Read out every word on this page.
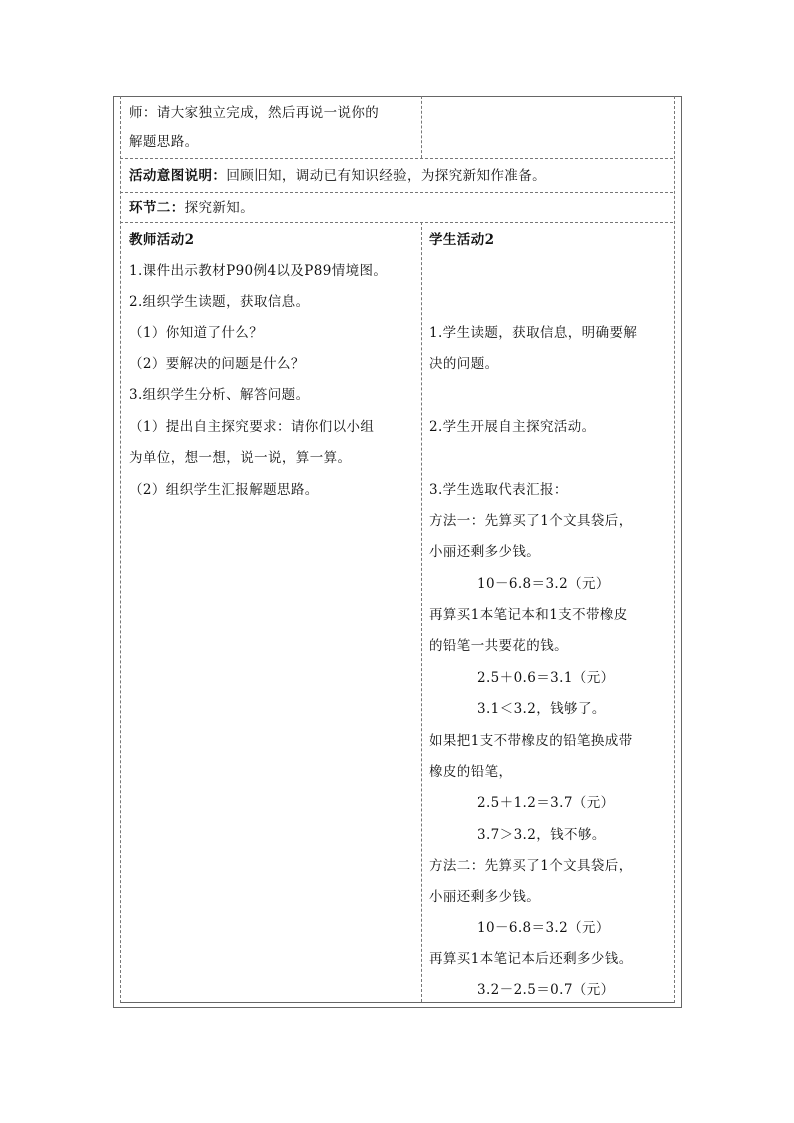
师：请大家独立完成，然后再说一说你的
解题思路。
活动意图说明：回顾旧知，调动已有知识经验，为探究新知作准备。
环节二：探究新知。
教师活动2
1.课件出示教材P90例4以及P89情境图。
2.组织学生读题，获取信息。
（1）你知道了什么？
（2）要解决的问题是什么？
3.组织学生分析、解答问题。
（1）提出自主探究要求：请你们以小组
为单位，想一想，说一说，算一算。
（2）组织学生汇报解题思路。
学生活动2
1.学生读题，获取信息，明确要解
决的问题。
2.学生开展自主探究活动。
3.学生选取代表汇报：
方法一：先算买了1个文具袋后，
小丽还剩多少钱。
10－6.8＝3.2（元）
再算买1本笔记本和1支不带橡皮
的铅笔一共要花的钱。
2.5＋0.6＝3.1（元）
3.1＜3.2，钱够了。
如果把1支不带橡皮的铅笔换成带
橡皮的铅笔，
2.5＋1.2＝3.7（元）
3.7＞3.2，钱不够。
方法二：先算买了1个文具袋后，
小丽还剩多少钱。
10－6.8＝3.2（元）
再算买1本笔记本后还剩多少钱。
3.2－2.5＝0.7（元）
